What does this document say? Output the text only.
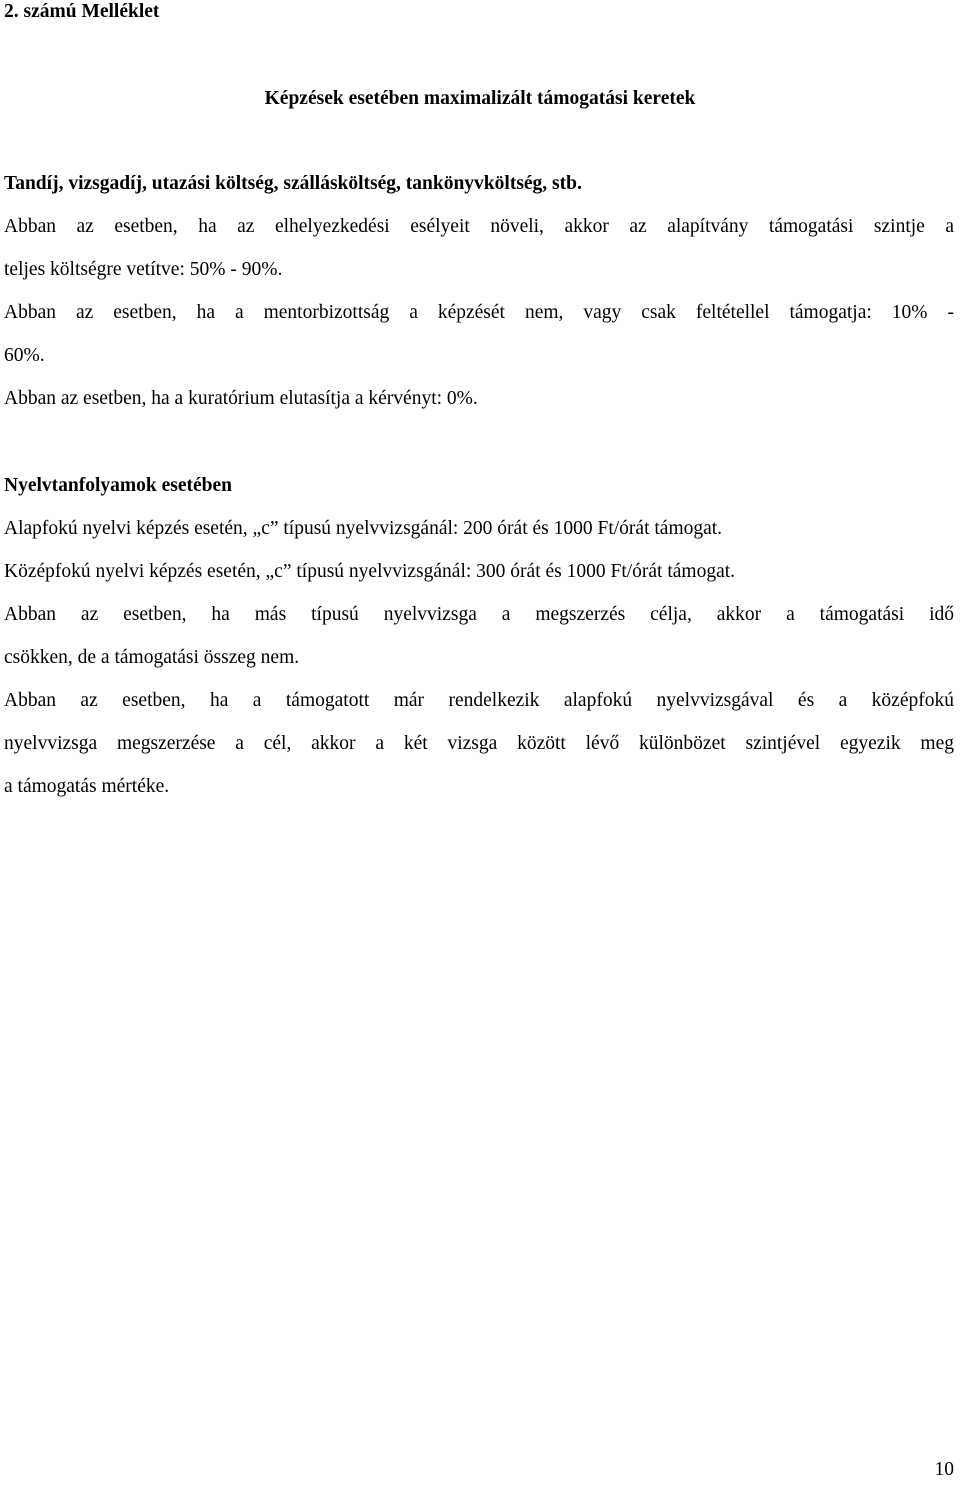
2. számú Melléklet
Képzések esetében maximalizált támogatási keretek
Tandíj, vizsgadíj, utazási költség, szállásköltség, tankönyvköltség, stb.
Abban az esetben, ha az elhelyezkedési esélyeit növeli, akkor az alapítvány támogatási szintje a
teljes költségre vetítve: 50% - 90%.
Abban az esetben, ha a mentorbizottság a képzését nem, vagy csak feltétellel támogatja: 10% -
60%.
Abban az esetben, ha a kuratórium elutasítja a kérvényt: 0%.
Nyelvtanfolyamok esetében
Alapfokú nyelvi képzés esetén, „c” típusú nyelvvizsgánál: 200 órát és 1000 Ft/órát támogat.
Középfokú nyelvi képzés esetén, „c” típusú nyelvvizsgánál: 300 órát és 1000 Ft/órát támogat.
Abban az esetben, ha más típusú nyelvvizsga a megszerzés célja, akkor a támogatási idő
csökken, de a támogatási összeg nem.
Abban az esetben, ha a támogatott már rendelkezik alapfokú nyelvvizsgával és a középfokú
nyelvvizsga megszerzése a cél, akkor a két vizsga között lévő különbözet szintjével egyezik meg
a támogatás mértéke.
10
